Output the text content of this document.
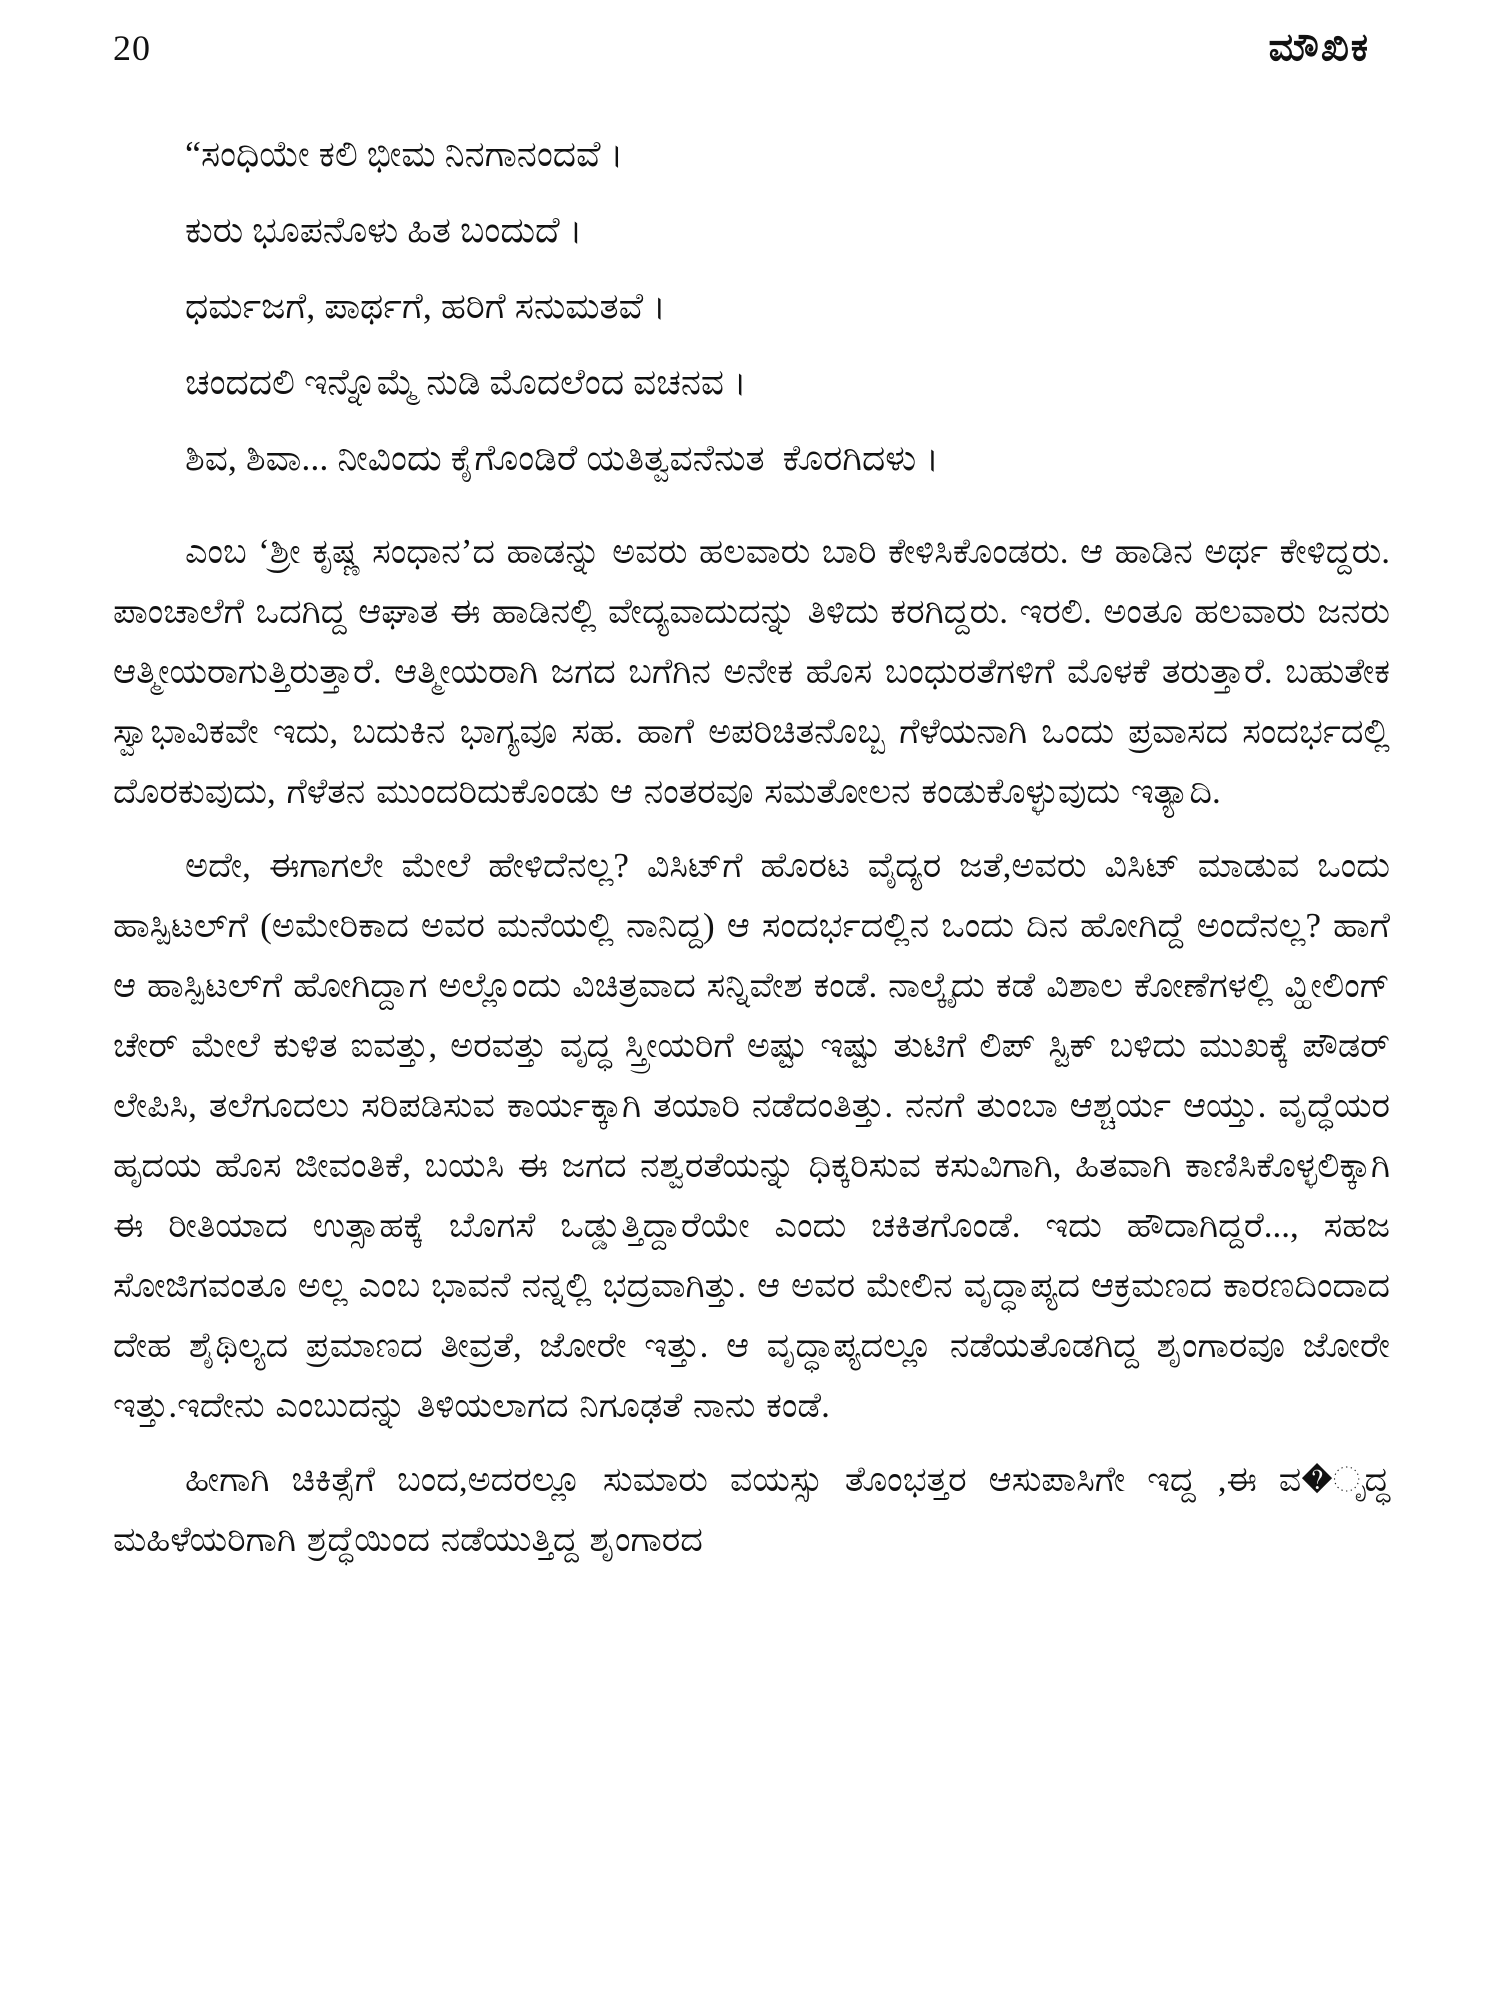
20	ಮೌಖಿಕ
“ಸಂಧಿಯೇ ಕಲಿ ಭೀಮ ನಿನಗಾನಂದವೆ ।
ಕುರು ಭೂಪನೊಳು ಹಿತ ಬಂದುದೆ ।
ಧರ್ಮಜಗೆ, ಪಾರ್ಥಗೆ, ಹರಿಗೆ ಸನುಮತವೆ ।
ಚಂದದಲಿ ಇನ್ನೊಮ್ಮೆ ನುಡಿ ಮೊದಲೆಂದ ವಚನವ ।
ಶಿವ, ಶಿವಾ... ನೀವಿಂದು ಕೈಗೊಂಡಿರೆ ಯತಿತ್ವವನೆನುತ  ಕೊರಗಿದಳು ।

ಎಂಬ ‘ಶ್ರೀ ಕೃಷ್ಣ ಸಂಧಾನ’ದ ಹಾಡನ್ನು ಅವರು ಹಲವಾರು ಬಾರಿ ಕೇಳಿಸಿಕೊಂಡರು. ಆ ಹಾಡಿನ ಅರ್ಥ ಕೇಳಿದ್ದರು. ಪಾಂಚಾಲೆಗೆ ಒದಗಿದ್ದ ಆಘಾತ ಈ ಹಾಡಿನಲ್ಲಿ ವೇದ್ಯವಾದುದನ್ನು ತಿಳಿದು ಕರಗಿದ್ದರು. ಇರಲಿ. ಅಂತೂ ಹಲವಾರು ಜನರು ಆತ್ಮೀಯರಾಗುತ್ತಿರುತ್ತಾರೆ. ಆತ್ಮೀಯರಾಗಿ ಜಗದ ಬಗೆಗಿನ ಅನೇಕ ಹೊಸ ಬಂಧುರತೆಗಳಿಗೆ ಮೊಳಕೆ ತರುತ್ತಾರೆ. ಬಹುತೇಕ ಸ್ವಾಭಾವಿಕವೇ ಇದು, ಬದುಕಿನ ಭಾಗ್ಯವೂ ಸಹ. ಹಾಗೆ ಅಪರಿಚಿತನೊಬ್ಬ ಗೆಳೆಯನಾಗಿ ಒಂದು ಪ್ರವಾಸದ ಸಂದರ್ಭದಲ್ಲಿ ದೊರಕುವುದು, ಗೆಳೆತನ ಮುಂದರಿದುಕೊಂಡು ಆ ನಂತರವೂ ಸಮತೋಲನ ಕಂಡುಕೊಳ್ಳುವುದು ಇತ್ಯಾದಿ.

ಅದೇ, ಈಗಾಗಲೇ ಮೇಲೆ ಹೇಳಿದೆನಲ್ಲ? ವಿಸಿಟ್‌ಗೆ ಹೊರಟ ವೈದ್ಯರ ಜತೆ,ಅವರು ವಿಸಿಟ್ ಮಾಡುವ ಒಂದು ಹಾಸ್ಪಿಟಲ್‌ಗೆ (ಅಮೇರಿಕಾದ ಅವರ ಮನೆಯಲ್ಲಿ ನಾನಿದ್ದ) ಆ ಸಂದರ್ಭದಲ್ಲಿನ ಒಂದು ದಿನ ಹೋಗಿದ್ದೆ ಅಂದೆನಲ್ಲ? ಹಾಗೆ ಆ ಹಾಸ್ಪಿಟಲ್‌ಗೆ ಹೋಗಿದ್ದಾಗ ಅಲ್ಲೊಂದು ವಿಚಿತ್ರವಾದ ಸನ್ನಿವೇಶ ಕಂಡೆ. ನಾಲ್ಕೈದು ಕಡೆ ವಿಶಾಲ ಕೋಣೆಗಳಲ್ಲಿ ವ್ಹೀಲಿಂಗ್ ಚೇರ್ ಮೇಲೆ ಕುಳಿತ ಐವತ್ತು, ಅರವತ್ತು ವೃದ್ಧ ಸ್ತ್ರೀಯರಿಗೆ ಅಷ್ಟು ಇಷ್ಟು ತುಟಿಗೆ ಲಿಪ್ ಸ್ಟಿಕ್ ಬಳಿದು ಮುಖಕ್ಕೆ ಪೌಡರ್ ಲೇಪಿಸಿ, ತಲೆಗೂದಲು ಸರಿಪಡಿಸುವ ಕಾರ್ಯಕ್ಕಾಗಿ ತಯಾರಿ ನಡೆದಂತಿತ್ತು. ನನಗೆ ತುಂಬಾ ಆಶ್ಚರ್ಯ ಆಯ್ತು. ವೃದ್ಧೆಯರ ಹೃದಯ ಹೊಸ ಜೀವಂತಿಕೆ, ಬಯಸಿ ಈ ಜಗದ ನಶ್ವರತೆಯನ್ನು ಧಿಕ್ಕರಿಸುವ ಕಸುವಿಗಾಗಿ, ಹಿತವಾಗಿ ಕಾಣಿಸಿಕೊಳ್ಳಲಿಕ್ಕಾಗಿ ಈ ರೀತಿಯಾದ ಉತ್ಸಾಹಕ್ಕೆ ಬೊಗಸೆ ಒಡ್ಡುತ್ತಿದ್ದಾರೆಯೇ ಎಂದು ಚಕಿತಗೊಂಡೆ. ಇದು ಹೌದಾಗಿದ್ದರೆ..., ಸಹಜ ಸೋಜಿಗವಂತೂ ಅಲ್ಲ ಎಂಬ ಭಾವನೆ ನನ್ನಲ್ಲಿ ಭದ್ರವಾಗಿತ್ತು. ಆ ಅವರ ಮೇಲಿನ ವೃದ್ಧಾಪ್ಯದ ಆಕ್ರಮಣದ ಕಾರಣದಿಂದಾದ ದೇಹ ಶೈಥಿಲ್ಯದ ಪ್ರಮಾಣದ ತೀವ್ರತೆ, ಜೋರೇ ಇತ್ತು. ಆ ವೃದ್ಧಾಪ್ಯದಲ್ಲೂ ನಡೆಯತೊಡಗಿದ್ದ ಶೃಂಗಾರವೂ ಜೋರೇ ಇತ್ತು.ಇದೇನು ಎಂಬುದನ್ನು ತಿಳಿಯಲಾಗದ ನಿಗೂಢತೆ ನಾನು ಕಂಡೆ.

ಹೀಗಾಗಿ ಚಿಕಿತ್ಸೆಗೆ ಬಂದ,ಅದರಲ್ಲೂ ಸುಮಾರು ವಯಸ್ಸು ತೊಂಭತ್ತರ ಆಸುಪಾಸಿಗೇ ಇದ್ದ ,ಈ ವ�ೃದ್ಧ ಮಹಿಳೆಯರಿಗಾಗಿ ಶ್ರದ್ಧೆಯಿಂದ ನಡೆಯುತ್ತಿದ್ದ ಶೃಂಗಾರದ
